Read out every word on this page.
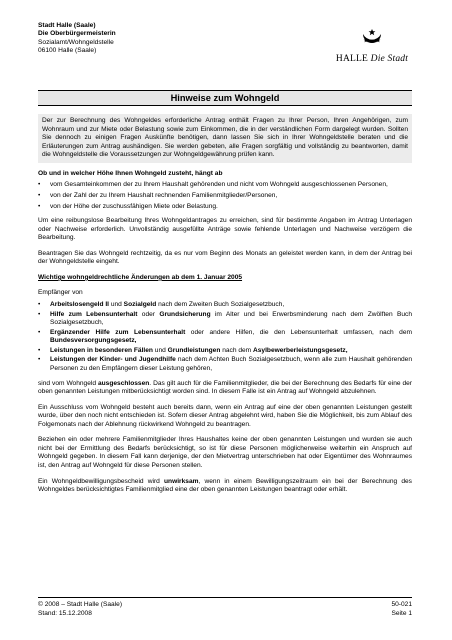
Stadt Halle (Saale)
Die Oberbürgermeisterin
Sozialamt/Wohngeldstelle
06100 Halle (Saale)
HALLE Die Stadt
Hinweise zum Wohngeld
Der zur Berechnung des Wohngeldes erforderliche Antrag enthält Fragen zu Ihrer Person, Ihren Angehörigen, zum Wohnraum und zur Miete oder Belastung sowie zum Einkommen, die in der verständlichen Form dargelegt wurden. Sollten Sie dennoch zu einigen Fragen Auskünfte benötigen, dann lassen Sie sich in Ihrer Wohngeldstelle beraten und die Erläuterungen zum Antrag aushändigen. Sie werden gebeten, alle Fragen sorgfältig und vollständig zu beantworten, damit die Wohngeldstelle die Voraussetzungen zur Wohngeldgewährung prüfen kann.
Ob und in welcher Höhe Ihnen Wohngeld zusteht, hängt ab
• vom Gesamteinkommen der zu Ihrem Haushalt gehörenden und nicht vom Wohngeld ausgeschlossenen Personen,
• von der Zahl der zu Ihrem Haushalt rechnenden Familienmitglieder/Personen,
• von der Höhe der zuschussfähigen Miete oder Belastung.

Um eine reibungslose Bearbeitung Ihres Wohngeldantrages zu erreichen, sind für bestimmte Angaben im Antrag Unterlagen oder Nachweise erforderlich. Unvollständig ausgefüllte Anträge sowie fehlende Unterlagen und Nachweise verzögern die Bearbeitung.

Beantragen Sie das Wohngeld rechtzeitig, da es nur vom Beginn des Monats an geleistet werden kann, in dem der Antrag bei der Wohngeldstelle eingeht.

Wichtige wohngeldrechtliche Änderungen ab dem 1. Januar 2005

Empfänger von

• Arbeitslosengeld II und Sozialgeld nach dem Zweiten Buch Sozialgesetzbuch,
• Hilfe zum Lebensunterhalt oder Grundsicherung im Alter und bei Erwerbsminderung nach dem Zwölften Buch Sozialgesetzbuch,
• Ergänzender Hilfe zum Lebensunterhalt oder andere Hilfen, die den Lebensunterhalt umfassen, nach dem Bundesversorgungsgesetz,
• Leistungen in besonderen Fällen und Grundleistungen nach dem Asylbewerberleistungsgesetz,
• Leistungen der Kinder- und Jugendhilfe nach dem Achten Buch Sozialgesetzbuch, wenn alle zum Haushalt gehörenden Personen zu den Empfängern dieser Leistung gehören,

sind vom Wohngeld ausgeschlossen. Das gilt auch für die Familienmitglieder, die bei der Berechnung des Bedarfs für eine der oben genannten Leistungen mitberücksichtigt worden sind. In diesem Falle ist ein Antrag auf Wohngeld abzulehnen.

Ein Ausschluss vom Wohngeld besteht auch bereits dann, wenn ein Antrag auf eine der oben genannten Leistungen gestellt wurde, über den noch nicht entschieden ist. Sofern dieser Antrag abgelehnt wird, haben Sie die Möglichkeit, bis zum Ablauf des Folgemonats nach der Ablehnung rückwirkend Wohngeld zu beantragen.

Beziehen ein oder mehrere Familienmitglieder Ihres Haushaltes keine der oben genannten Leistungen und wurden sie auch nicht bei der Ermittlung des Bedarfs berücksichtigt, so ist für diese Personen möglicherweise weiterhin ein Anspruch auf Wohngeld gegeben. In diesem Fall kann derjenige, der den Mietvertrag unterschrieben hat oder Eigentümer des Wohnraumes ist, den Antrag auf Wohngeld für diese Personen stellen.

Ein Wohngeldbewilligungsbescheid wird unwirksam, wenn in einem Bewilligungszeitraum ein bei der Berechnung des Wohngeldes berücksichtigtes Familienmitglied eine der oben genannten Leistungen beantragt oder erhält.

© 2008 – Stadt Halle (Saale)	50-021
Stand: 15.12.2008	Seite 1
